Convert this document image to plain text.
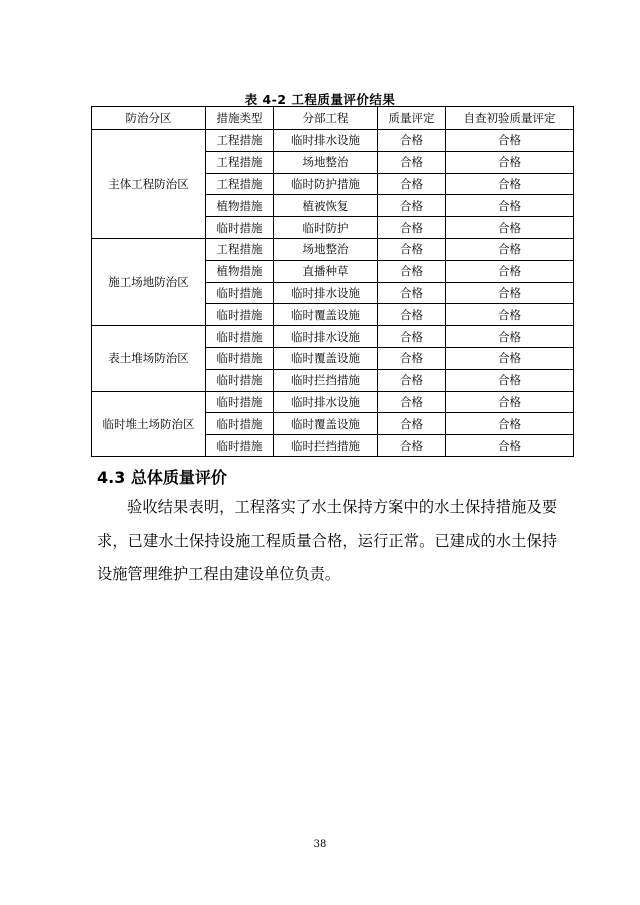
表 4-2 工程质量评价结果
防治分区	措施类型	分部工程	质量评定	自查初验质量评定
主体工程防治区	工程措施	临时排水设施	合格	合格
	工程措施	场地整治	合格	合格
	工程措施	临时防护措施	合格	合格
	植物措施	植被恢复	合格	合格
	临时措施	临时防护	合格	合格
施工场地防治区	工程措施	场地整治	合格	合格
	植物措施	直播种草	合格	合格
	临时措施	临时排水设施	合格	合格
	临时措施	临时覆盖设施	合格	合格
表土堆场防治区	临时措施	临时排水设施	合格	合格
	临时措施	临时覆盖设施	合格	合格
	临时措施	临时拦挡措施	合格	合格
临时堆土场防治区	临时措施	临时排水设施	合格	合格
	临时措施	临时覆盖设施	合格	合格
	临时措施	临时拦挡措施	合格	合格
4.3 总体质量评价
验收结果表明，工程落实了水土保持方案中的水土保持措施及要求，已建水土保持设施工程质量合格，运行正常。已建成的水土保持设施管理维护工程由建设单位负责。
38
